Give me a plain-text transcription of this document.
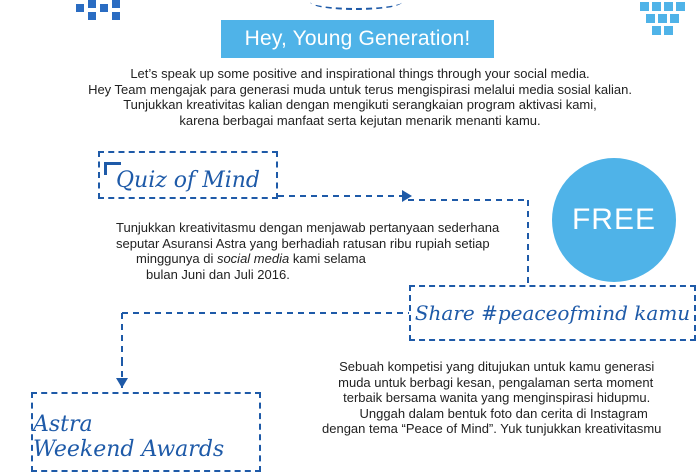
Hey, Young Generation!
Let’s speak up some positive and inspirational things through your social media.
Hey Team mengajak para generasi muda untuk terus mengispirasi melalui media sosial kalian.
Tunjukkan kreativitas kalian dengan mengikuti serangkaian program aktivasi kami,
karena berbagai manfaat serta kejutan menarik menanti kamu.
Quiz of Mind
Tunjukkan kreativitasmu dengan menjawab pertanyaan sederhana
seputar Asuransi Astra yang berhadiah ratusan ribu rupiah setiap
minggunya di social media kami selama
bulan Juni dan Juli 2016.
FREE
Share #peaceofmind kamu
Sebuah kompetisi yang ditujukan untuk kamu generasi
muda untuk berbagi kesan, pengalaman serta moment
terbaik bersama wanita yang menginspirasi hidupmu.
Unggah dalam bentuk foto dan cerita di Instagram
dengan tema “Peace of Mind”. Yuk tunjukkan kreativitasmu
Astra
Weekend Awards
